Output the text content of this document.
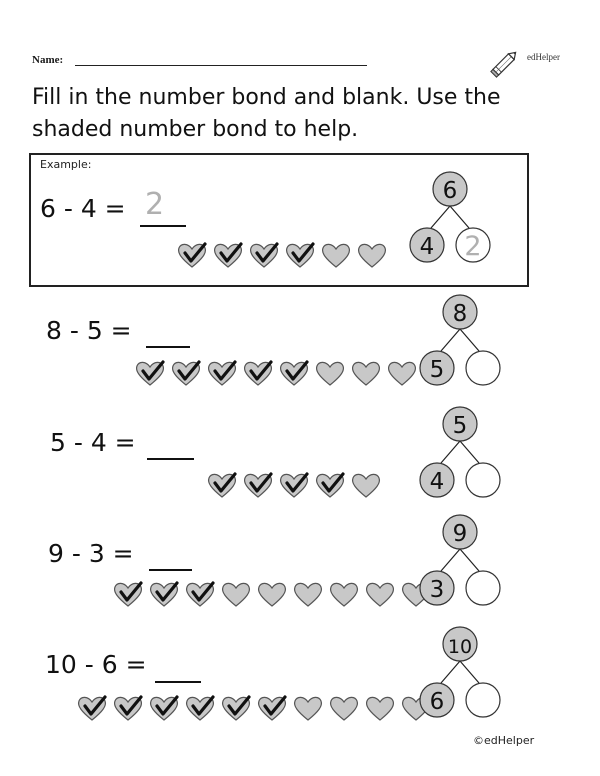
Name:	edHelper
Fill in the number bond and blank. Use the shaded number bond to help.
Example:
6 - 4 = 2	6
4 2
8 - 5 =
8
5
5 - 4 =
5
4
9 - 3 =
9
3
10 - 6 =
10
6
©edHelper
